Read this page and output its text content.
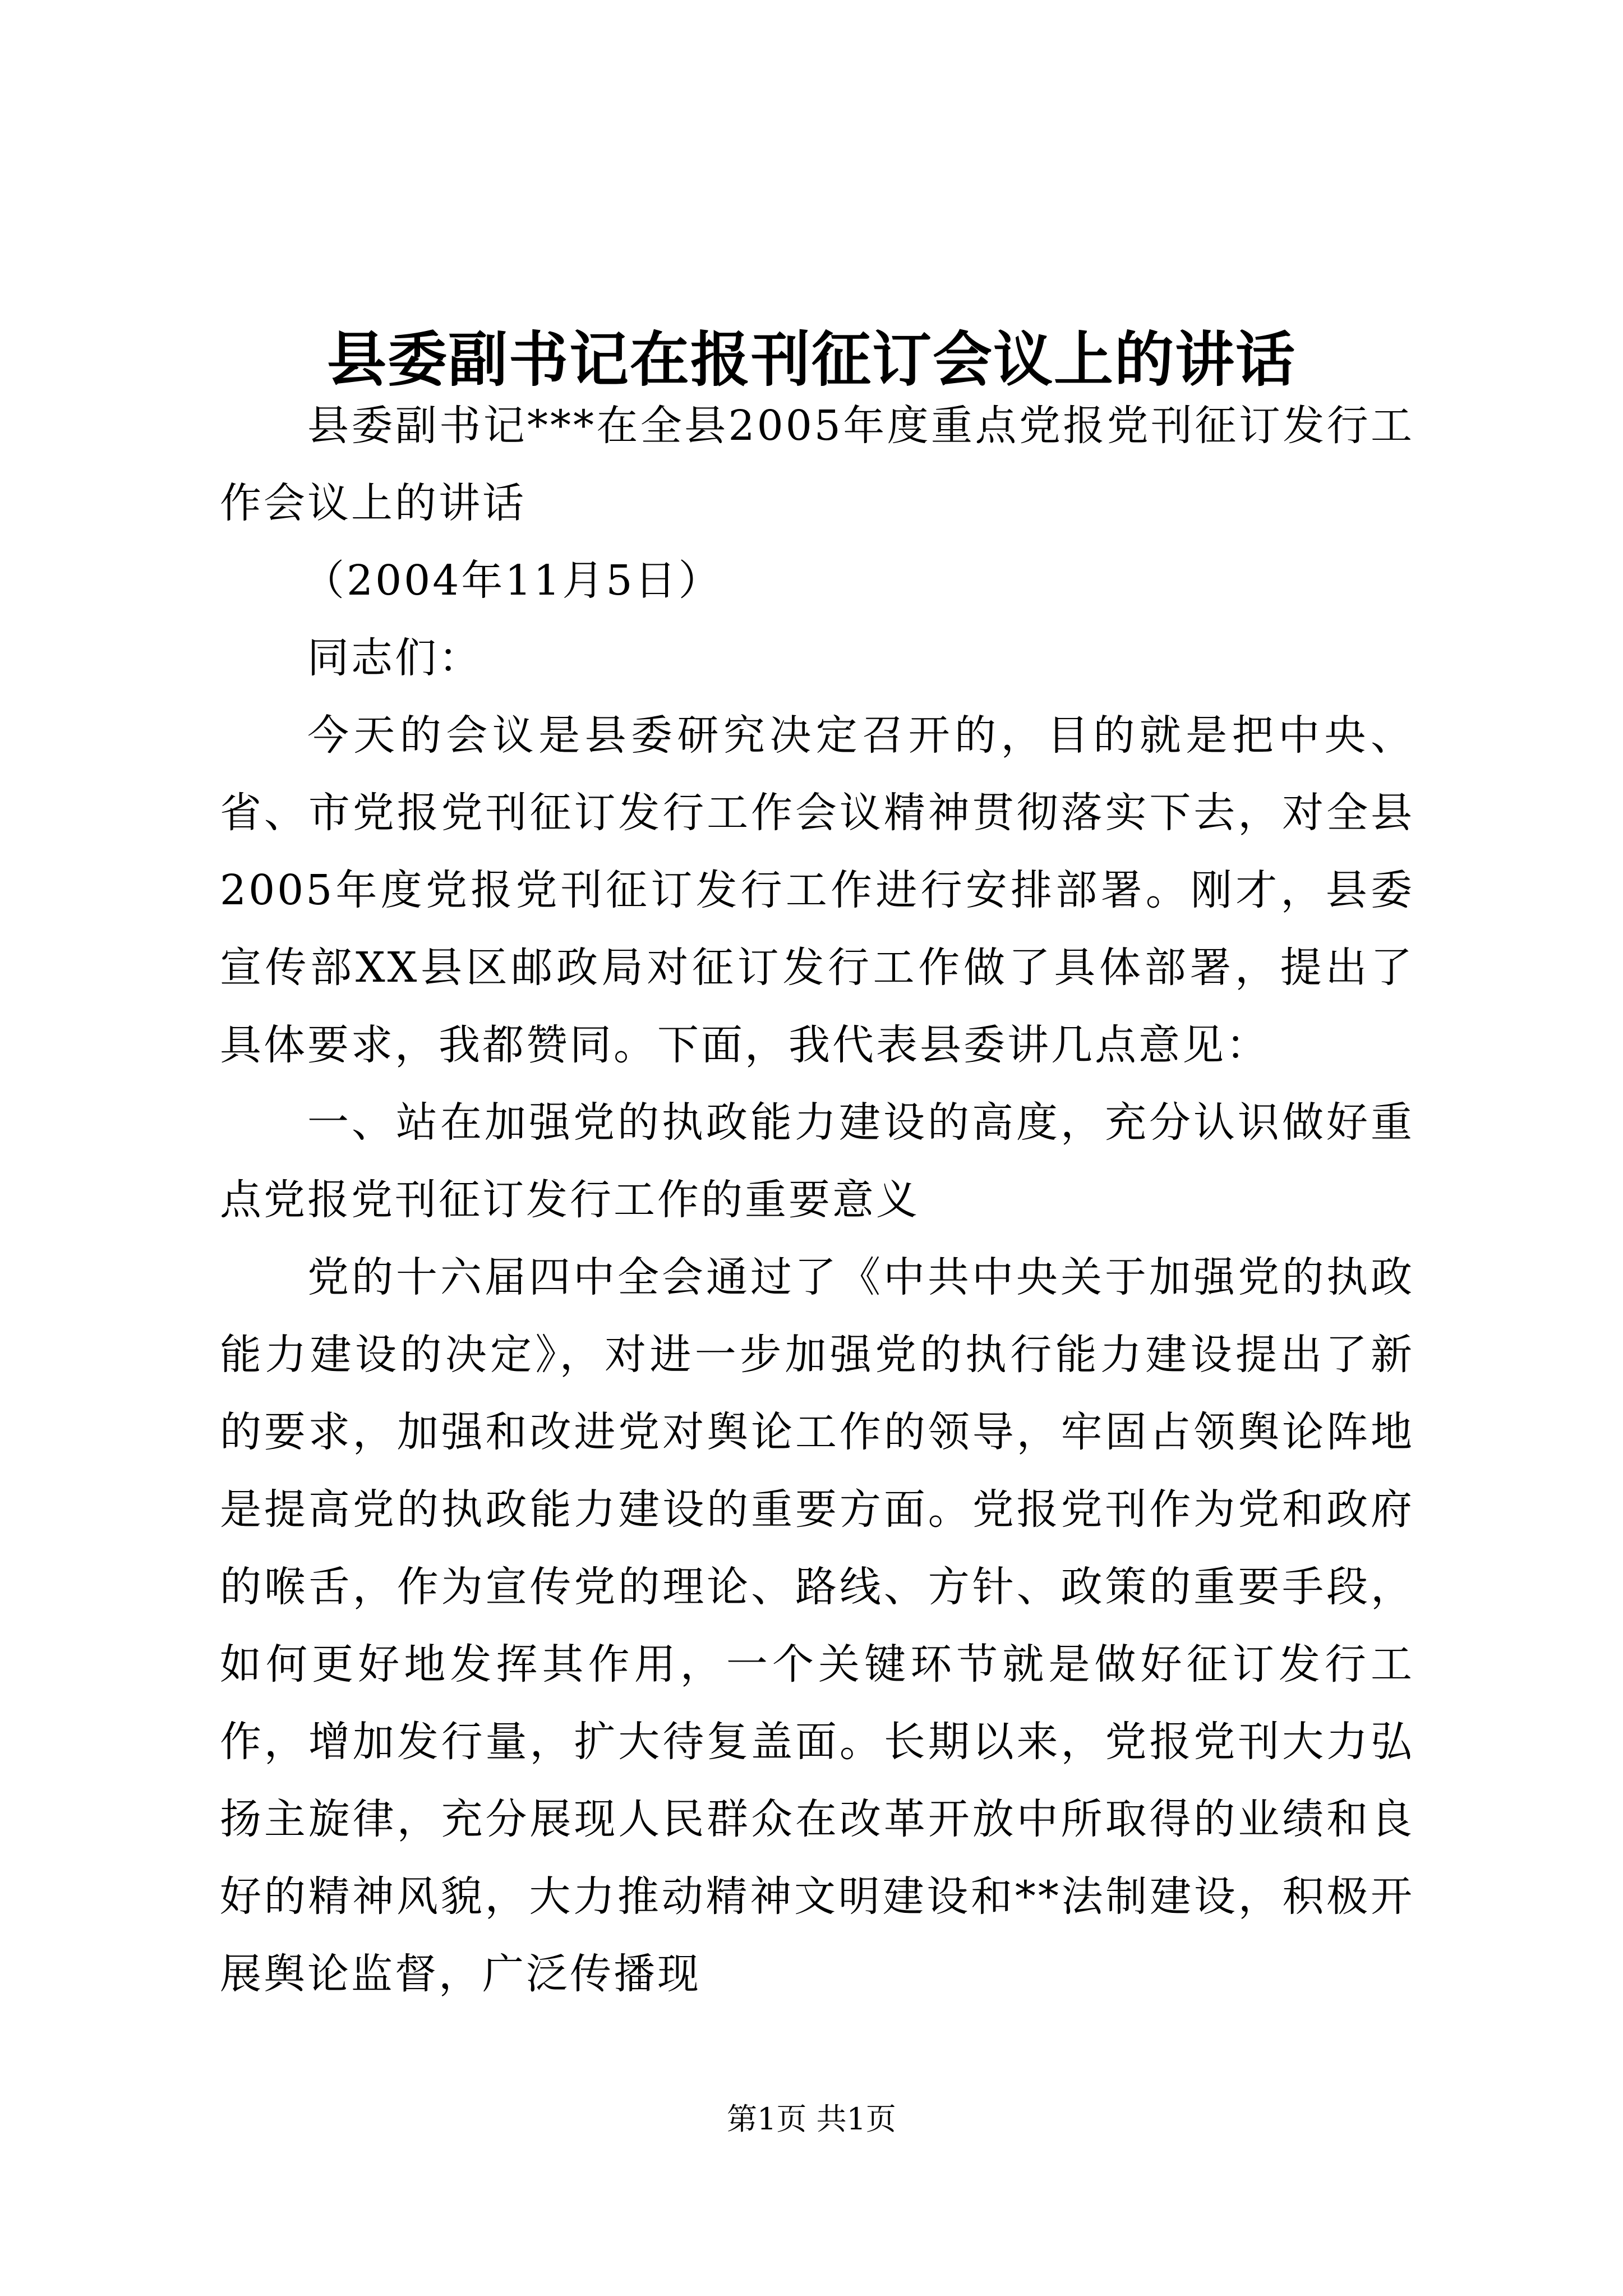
县委副书记在报刊征订会议上的讲话

县委副书记***在全县2005年度重点党报党刊征订发行工作会议上的讲话

（2004年11月5日）

同志们：

今天的会议是县委研究决定召开的，目的就是把中央、省、市党报党刊征订发行工作会议精神贯彻落实下去，对全县2005年度党报党刊征订发行工作进行安排部署。刚才，县委宣传部XX县区邮政局对征订发行工作做了具体部署，提出了具体要求，我都赞同。下面，我代表县委讲几点意见：

一、站在加强党的执政能力建设的高度，充分认识做好重点党报党刊征订发行工作的重要意义

党的十六届四中全会通过了《中共中央关于加强党的执政能力建设的决定》，对进一步加强党的执行能力建设提出了新的要求，加强和改进党对舆论工作的领导，牢固占领舆论阵地是提高党的执政能力建设的重要方面。党报党刊作为党和政府的喉舌，作为宣传党的理论、路线、方针、政策的重要手段，如何更好地发挥其作用，一个关键环节就是做好征订发行工作，增加发行量，扩大待复盖面。长期以来，党报党刊大力弘扬主旋律，充分展现人民群众在改革开放中所取得的业绩和良好的精神风貌，大力推动精神文明建设和**法制建设，积极开展舆论监督，广泛传播现

第1页 共1页
